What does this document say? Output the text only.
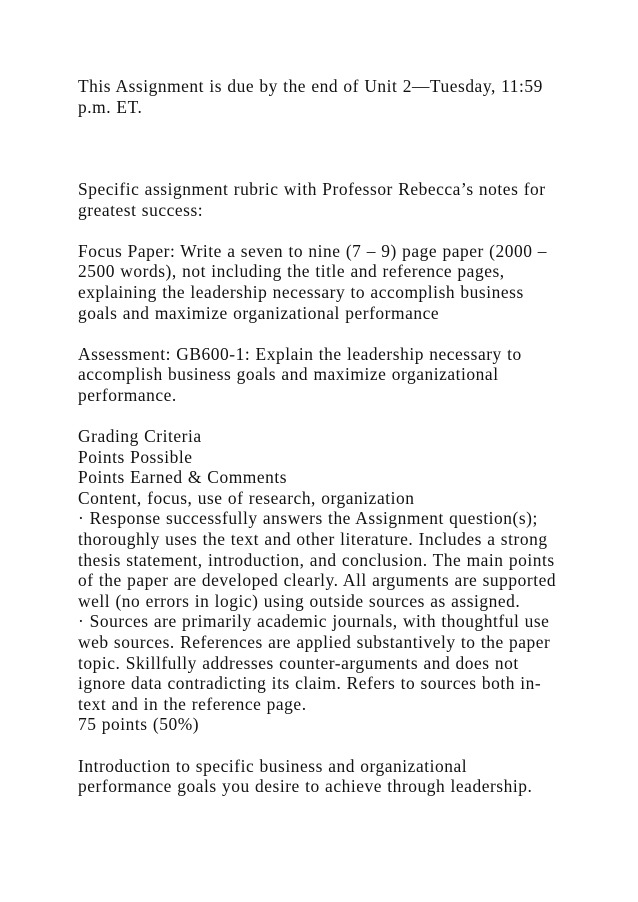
This Assignment is due by the end of Unit 2—Tuesday, 11:59
p.m. ET.
Specific assignment rubric with Professor Rebecca’s notes for
greatest success:
Focus Paper: Write a seven to nine (7 – 9) page paper (2000 –
2500 words), not including the title and reference pages,
explaining the leadership necessary to accomplish business
goals and maximize organizational performance
Assessment: GB600-1: Explain the leadership necessary to
accomplish business goals and maximize organizational
performance.
Grading Criteria
Points Possible
Points Earned & Comments
Content, focus, use of research, organization
· Response successfully answers the Assignment question(s);
thoroughly uses the text and other literature. Includes a strong
thesis statement, introduction, and conclusion. The main points
of the paper are developed clearly. All arguments are supported
well (no errors in logic) using outside sources as assigned.
· Sources are primarily academic journals, with thoughtful use
web sources. References are applied substantively to the paper
topic. Skillfully addresses counter-arguments and does not
ignore data contradicting its claim. Refers to sources both in-
text and in the reference page.
75 points (50%)
Introduction to specific business and organizational
performance goals you desire to achieve through leadership.
